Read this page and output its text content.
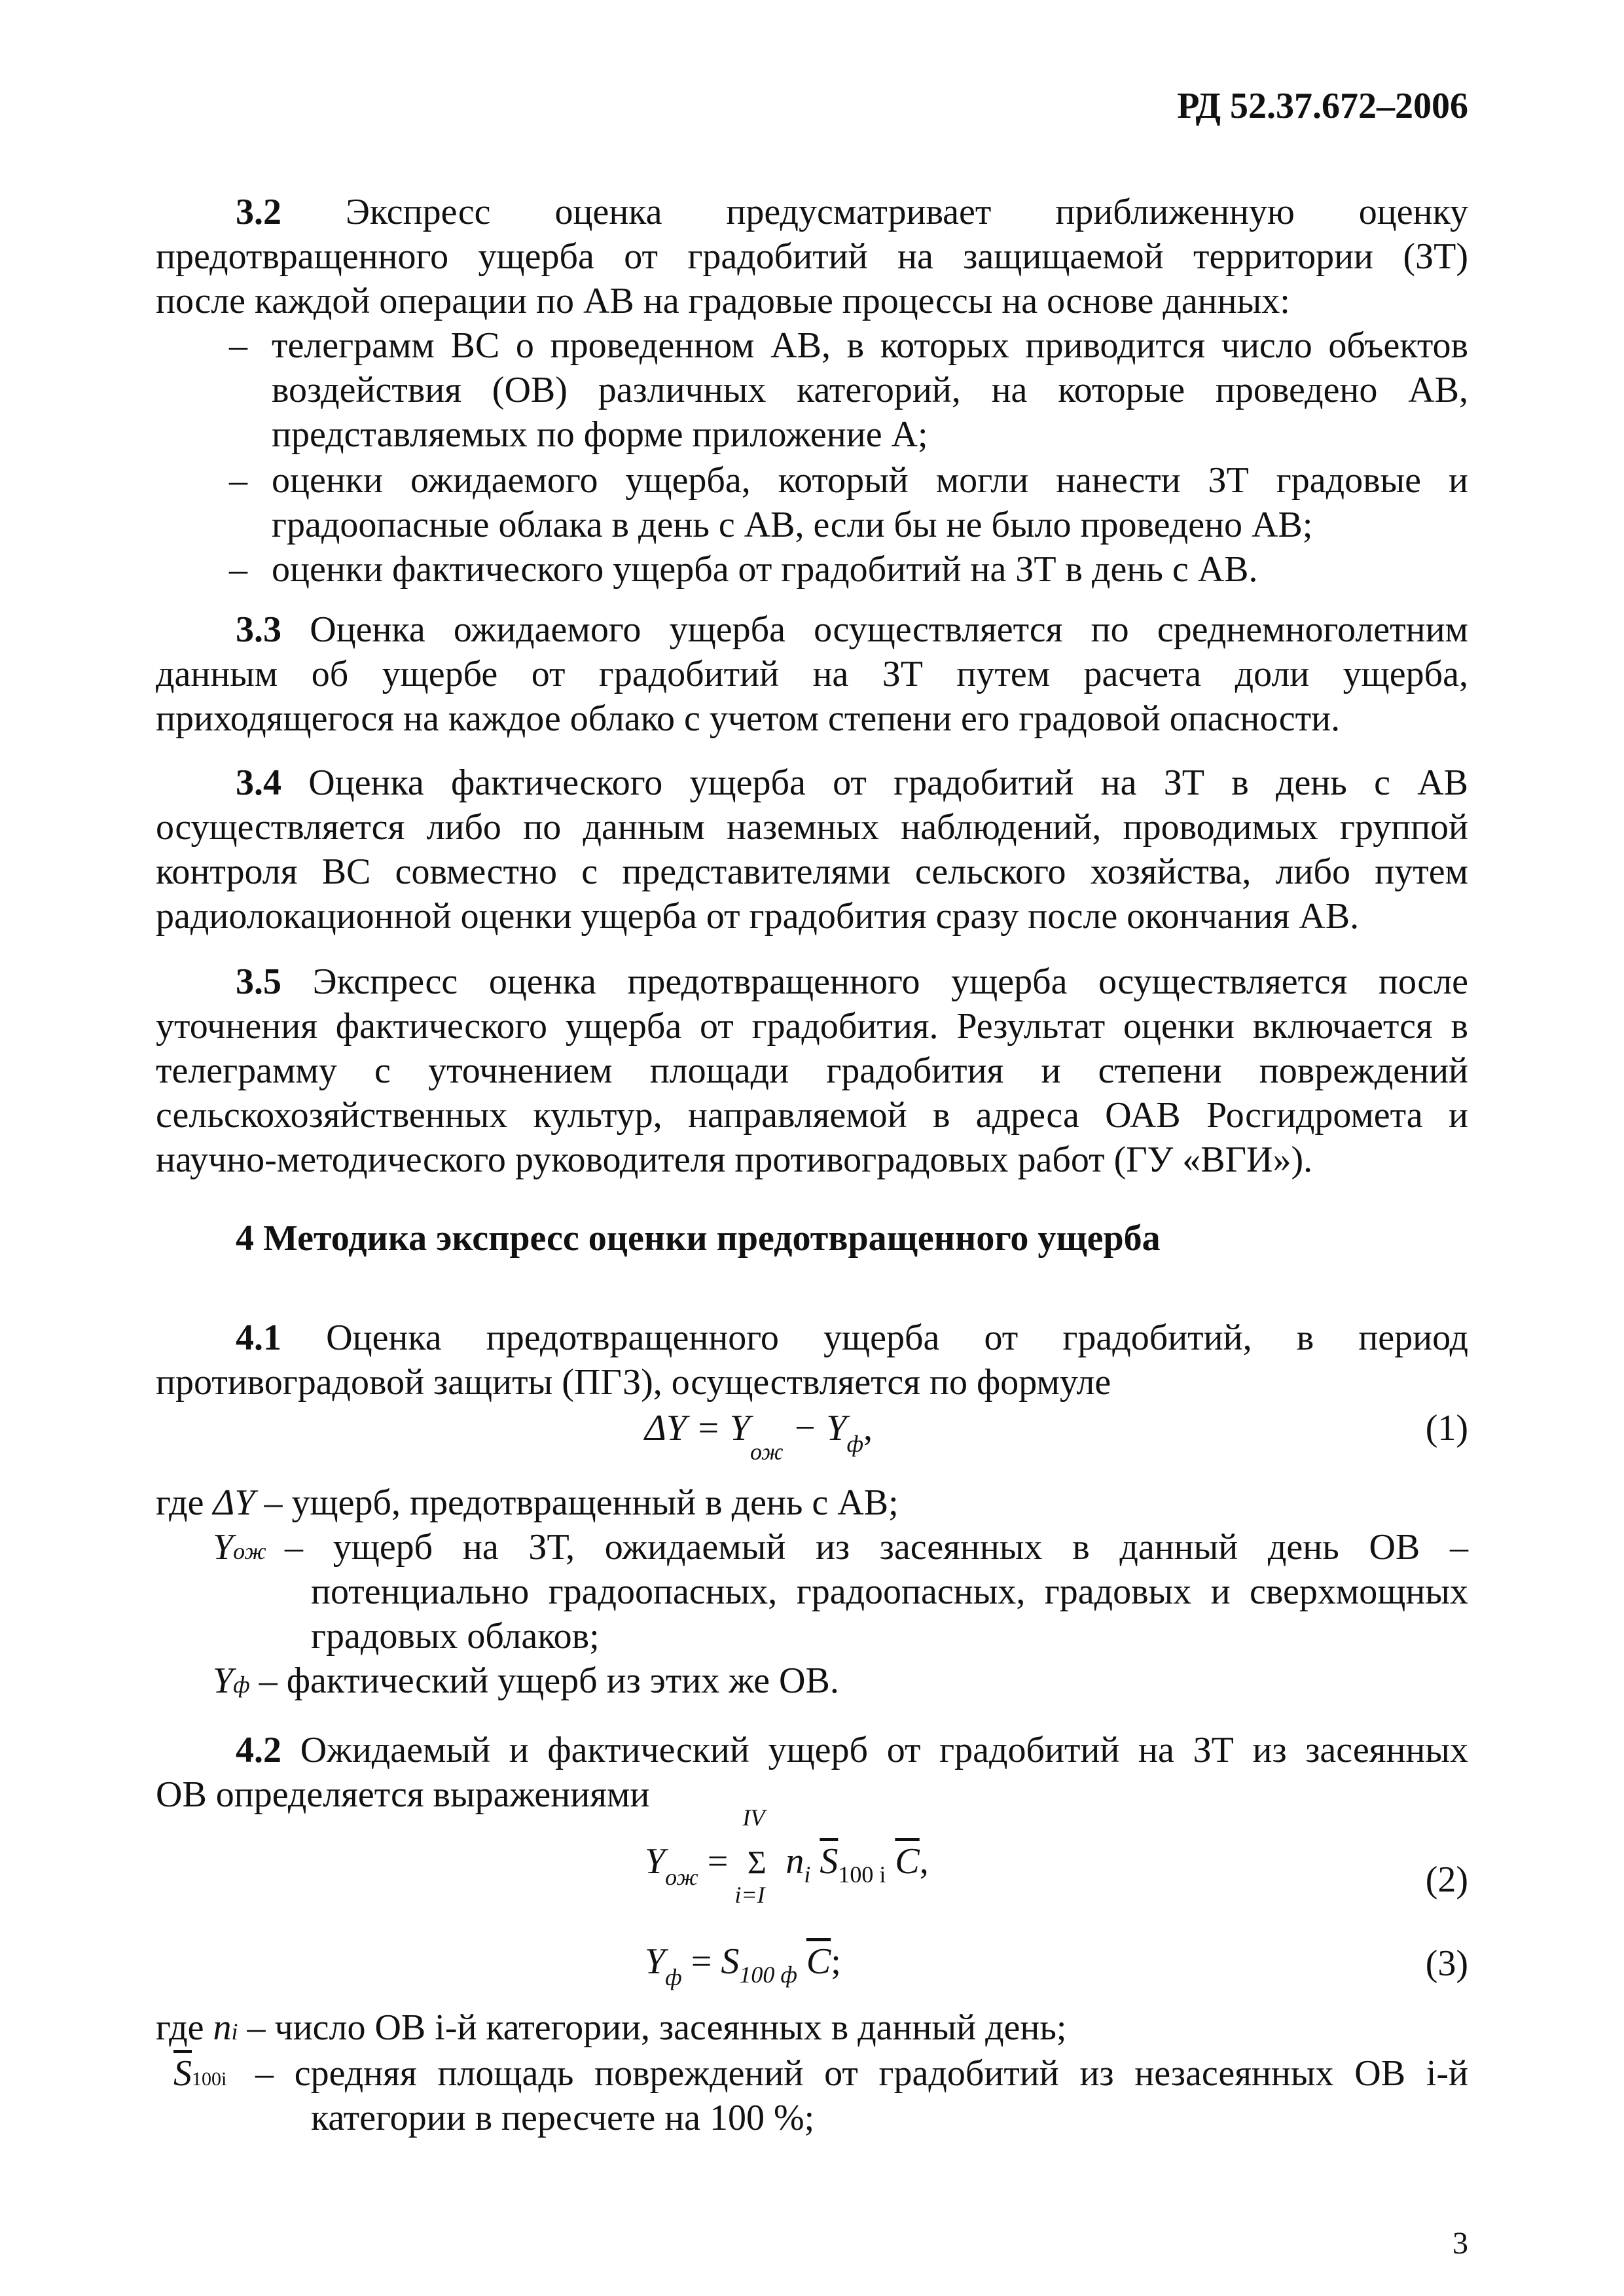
РД 52.37.672–2006
3.2 Экспресс оценка предусматривает приближенную оценку
предотвращенного ущерба от градобитий на защищаемой территории (ЗТ)
после каждой операции по АВ на градовые процессы на основе данных:
– телеграмм ВС о проведенном АВ, в которых приводится число объектов
воздействия (ОВ) различных категорий, на которые проведено АВ,
представляемых по форме приложение А;
– оценки ожидаемого ущерба, который могли нанести ЗТ градовые и
градоопасные облака в день с АВ, если бы не было проведено АВ;
– оценки фактического ущерба от градобитий на ЗТ в день с АВ.
3.3 Оценка ожидаемого ущерба осуществляется по среднемноголетним
данным об ущербе от градобитий на ЗТ путем расчета доли ущерба,
приходящегося на каждое облако с учетом степени его градовой опасности.
3.4 Оценка фактического ущерба от градобитий на ЗТ в день с АВ
осуществляется либо по данным наземных наблюдений, проводимых группой
контроля ВС совместно с представителями сельского хозяйства, либо путем
радиолокационной оценки ущерба от градобития сразу после окончания АВ.
3.5 Экспресс оценка предотвращенного ущерба осуществляется после
уточнения фактического ущерба от градобития. Результат оценки включается в
телеграмму с уточнением площади градобития и степени повреждений
сельскохозяйственных культур, направляемой в адреса ОАВ Росгидромета и
научно-методического руководителя противоградовых работ (ГУ «ВГИ»).
4 Методика экспресс оценки предотвращенного ущерба
4.1 Оценка предотвращенного ущерба от градобитий, в период
противоградовой защиты (ПГЗ), осуществляется по формуле
$\Delta Y = Y_{ож} - Y_ф$,	(1)
где ΔY – ущерб, предотвращенный в день с АВ;
Yож – ущерб на ЗТ, ожидаемый из засеянных в данный день ОВ –
потенциально градоопасных, градоопасных, градовых и сверхмощных
градовых облаков;
Yф – фактический ущерб из этих же ОВ.
4.2 Ожидаемый и фактический ущерб от градобитий на ЗТ из засеянных
ОВ определяется выражениями
$Y_{ож}$ =
IV
Σ
i=I
$n_i$ $\overline{S}_{100 i}$ $\overline{C}$,	(2)
$Y_ф = S_{100 ф}$ $\overline{C}$;	(3)
где ni – число ОВ i-й категории, засеянных в данный день;
$\overline{S}100i$ – средняя площадь повреждений от градобитий из незасеянных ОВ i-й
категории в пересчете на 100 %;
3
